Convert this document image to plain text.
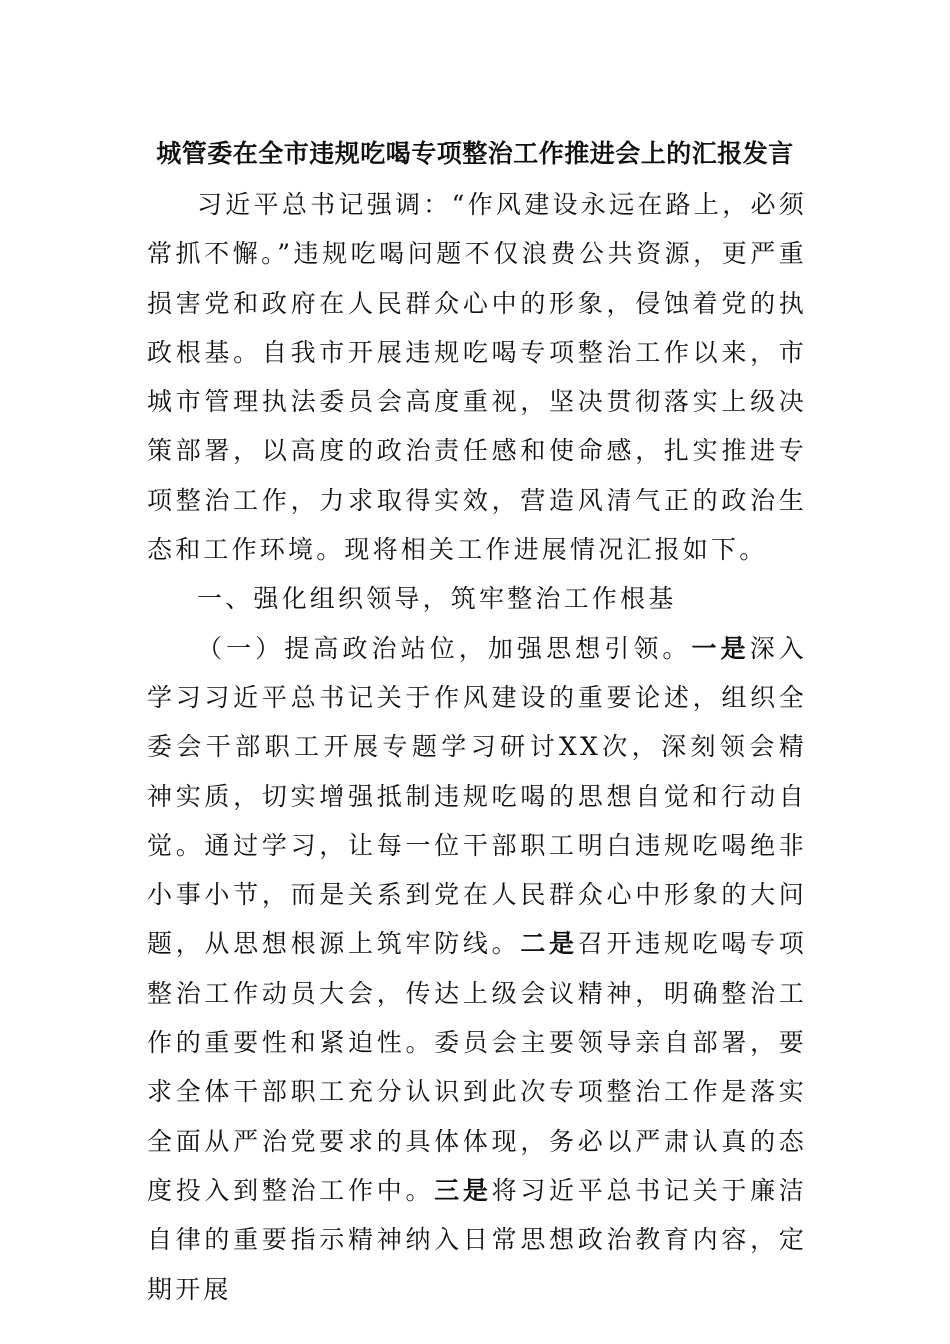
城管委在全市违规吃喝专项整治工作推进会上的汇报发言

习近平总书记强调：“作风建设永远在路上，必须常抓不懈。”违规吃喝问题不仅浪费公共资源，更严重损害党和政府在人民群众心中的形象，侵蚀着党的执政根基。自我市开展违规吃喝专项整治工作以来，市城市管理执法委员会高度重视，坚决贯彻落实上级决策部署，以高度的政治责任感和使命感，扎实推进专项整治工作，力求取得实效，营造风清气正的政治生态和工作环境。现将相关工作进展情况汇报如下。

一、强化组织领导，筑牢整治工作根基

（一）提高政治站位，加强思想引领。一是深入学习习近平总书记关于作风建设的重要论述，组织全委会干部职工开展专题学习研讨XX次，深刻领会精神实质，切实增强抵制违规吃喝的思想自觉和行动自觉。通过学习，让每一位干部职工明白违规吃喝绝非小事小节，而是关系到党在人民群众心中形象的大问题，从思想根源上筑牢防线。二是召开违规吃喝专项整治工作动员大会，传达上级会议精神，明确整治工作的重要性和紧迫性。委员会主要领导亲自部署，要求全体干部职工充分认识到此次专项整治工作是落实全面从严治党要求的具体体现，务必以严肃认真的态度投入到整治工作中。三是将习近平总书记关于廉洁自律的重要指示精神纳入日常思想政治教育内容，定期开展
